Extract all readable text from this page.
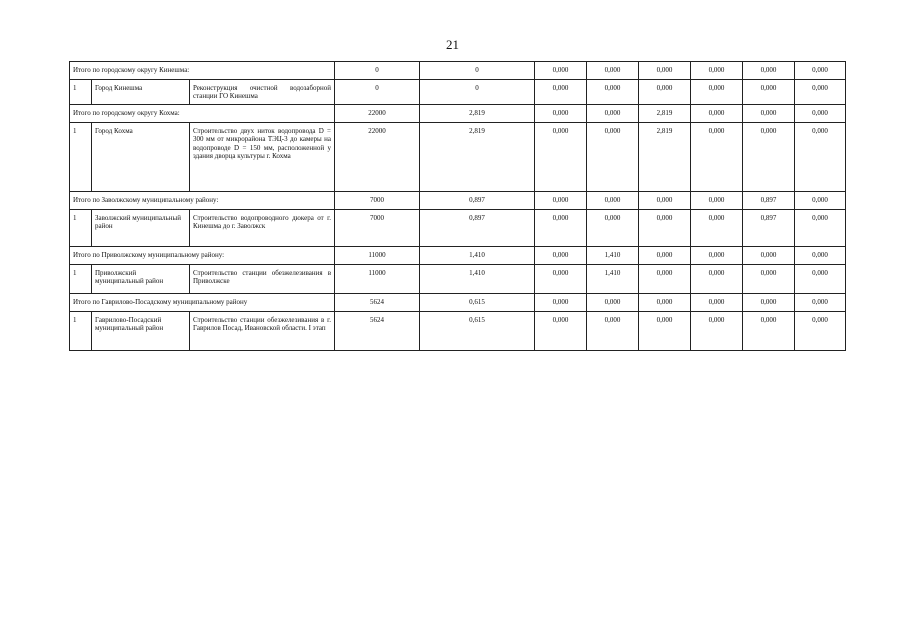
21
Итого по городскому округу Кинешма:			0	0	0,000	0,000	0,000	0,000	0,000	0,000
1	Город Кинешма	Реконструкция очистной водозаборной станции ГО Кинешма	0	0	0,000	0,000	0,000	0,000	0,000	0,000
Итого по городскому округу Кохма:			22000	2,819	0,000	0,000	2,819	0,000	0,000	0,000
1	Город Кохма	Строительство двух ниток водопровода D = 300 мм от микрорайона ТЭЦ-3 до камеры на водопроводе D = 150 мм, расположенной у здания дворца культуры г. Кохма	22000	2,819	0,000	0,000	2,819	0,000	0,000	0,000
Итого по Заволжскому муниципальному району:			7000	0,897	0,000	0,000	0,000	0,000	0,897	0,000
1	Заволжский муниципальный район	Строительство водопроводного дюкера от г. Кинешма до г. Заволжск	7000	0,897	0,000	0,000	0,000	0,000	0,897	0,000
Итого по Приволжскому муниципальному району:			11000	1,410	0,000	1,410	0,000	0,000	0,000	0,000
1	Приволжский муниципальный район	Строительство станции обезжелезивания в Приволжске	11000	1,410	0,000	1,410	0,000	0,000	0,000	0,000
Итого по Гаврилово-Посадскому муниципальному району			5624	0,615	0,000	0,000	0,000	0,000	0,000	0,000
1	Гаврилово-Посадский муниципальный район	Строительство станции обезжелезивания в г. Гаврилов Посад, Ивановской области. I этап	5624	0,615	0,000	0,000	0,000	0,000	0,000	0,000
